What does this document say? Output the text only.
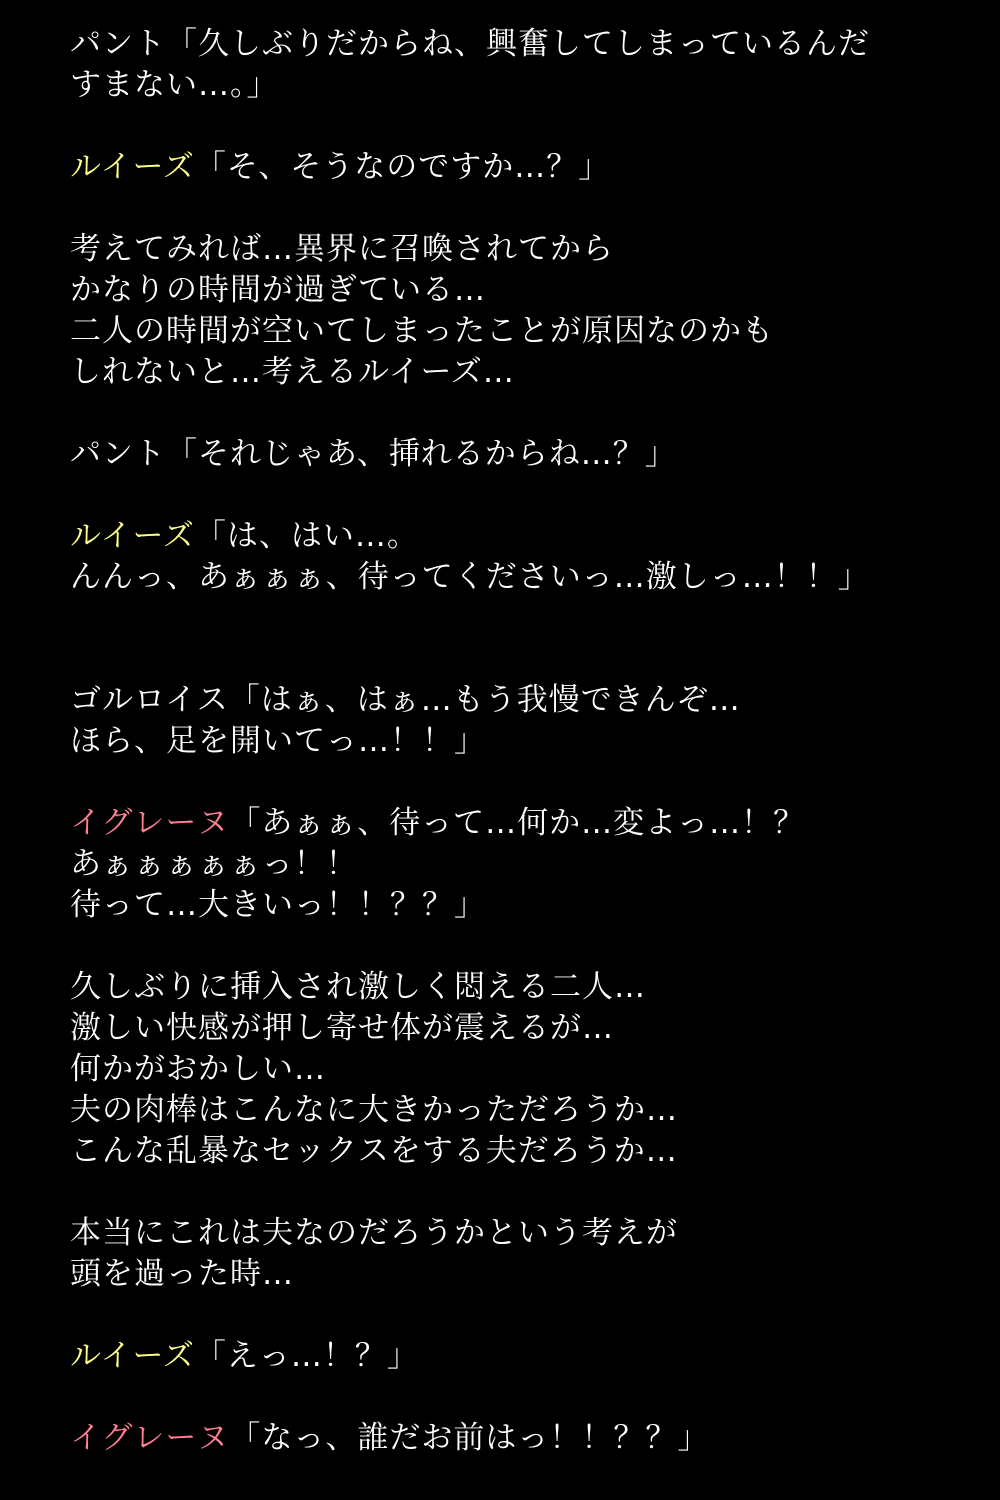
パント「久しぶりだからね、興奮してしまっているんだ
すまない…。」
ルイーズ「そ、そうなのですか…？」
考えてみれば…異界に召喚されてから
かなりの時間が過ぎている…
二人の時間が空いてしまったことが原因なのかも
しれないと…考えるルイーズ…
パント「それじゃあ、挿れるからね…？」
ルイーズ「は、はい…。
んんっ、あぁぁぁ、待ってくださいっ…激しっ…！！」
ゴルロイス「はぁ、はぁ…もう我慢できんぞ…
ほら、足を開いてっ…！！」
イグレーヌ「あぁぁ、待って…何か…変よっ…！？
あぁぁぁぁぁっ！！
待って…大きいっ！！？？」
久しぶりに挿入され激しく悶える二人…
激しい快感が押し寄せ体が震えるが…
何かがおかしい…
夫の肉棒はこんなに大きかっただろうか…
こんな乱暴なセックスをする夫だろうか…
本当にこれは夫なのだろうかという考えが
頭を過った時…
ルイーズ「えっ…！？」
イグレーヌ「なっ、誰だお前はっ！！？？」
